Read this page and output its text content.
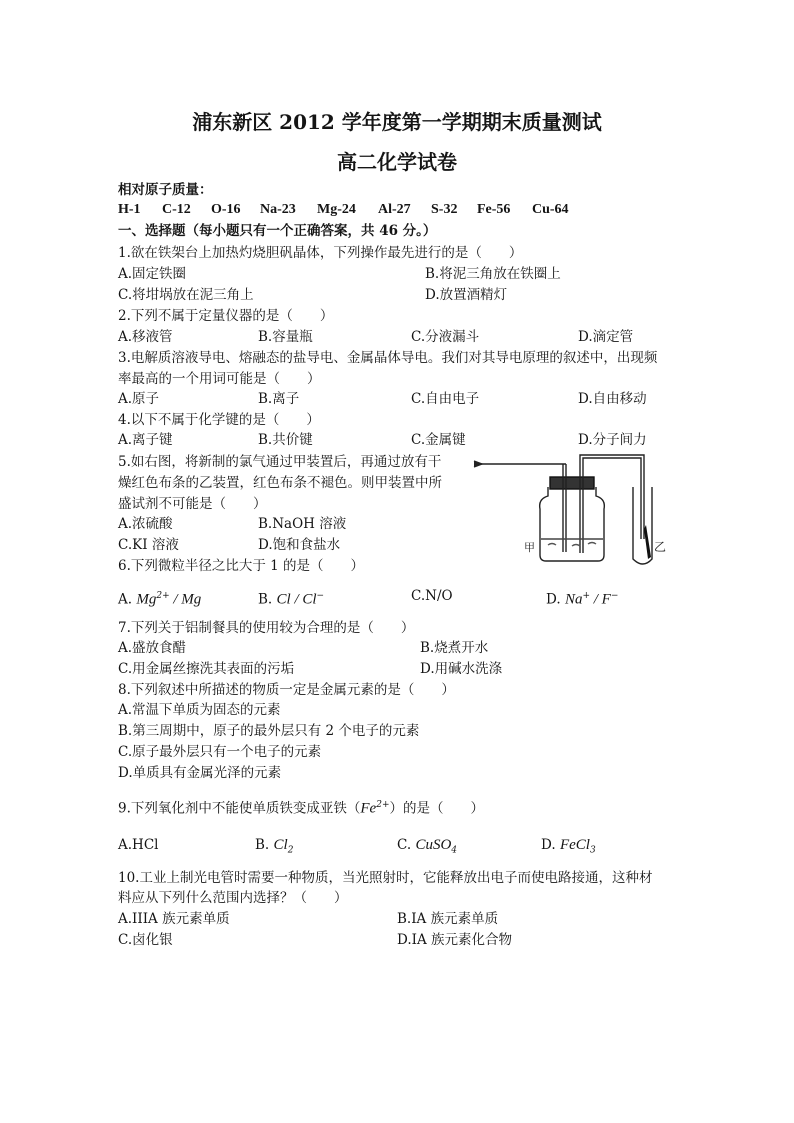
浦东新区 2012 学年度第一学期期末质量测试
高二化学试卷
相对原子质量：
H-1 C-12 O-16 Na-23 Mg-24 Al-27 S-32 Fe-56 Cu-64
一、选择题（每小题只有一个正确答案，共 46 分。）
1.欲在铁架台上加热灼烧胆矾晶体，下列操作最先进行的是（　　）
A.固定铁圈	B.将泥三角放在铁圈上
C.将坩埚放在泥三角上	D.放置酒精灯
2.下列不属于定量仪器的是（　　）
A.移液管	B.容量瓶	C.分液漏斗	D.滴定管
3.电解质溶液导电、熔融态的盐导电、金属晶体导电。我们对其导电原理的叙述中，出现频
率最高的一个用词可能是（　　）
A.原子	B.离子	C.自由电子	D.自由移动
4.以下不属于化学键的是（　　）
A.离子键	B.共价键	C.金属键	D.分子间力
5.如右图，将新制的氯气通过甲装置后，再通过放有干
燥红色布条的乙装置，红色布条不褪色。则甲装置中所
盛试剂不可能是（　　）
A.浓硫酸	B.NaOH 溶液
C.KI 溶液	D.饱和食盐水	甲	乙
6.下列微粒半径之比大于 1 的是（　　）
A. $Mg^{2+}$ / Mg	B. Cl / Cl−	C.N/O	D. Na+ / F−
7.下列关于铝制餐具的使用较为合理的是（　　）
A.盛放食醋	B.烧煮开水
C.用金属丝擦洗其表面的污垢	D.用碱水洗涤
8.下列叙述中所描述的物质一定是金属元素的是（　　）
A.常温下单质为固态的元素
B.第三周期中，原子的最外层只有 2 个电子的元素
C.原子最外层只有一个电子的元素
D.单质具有金属光泽的元素
9.下列氧化剂中不能使单质铁变成亚铁$(Fe^{2+})$的是（　　）
A.HCl	B. $Cl_2$	C. CuSO$_4$	D. FeCl$_3$
10.工业上制光电管时需要一种物质，当光照射时，它能释放出电子而使电路接通，这种材
料应从下列什么范围内选择？（　　）
A.IIIA 族元素单质	B.IA 族元素单质
C.卤化银	D.IA 族元素化合物
